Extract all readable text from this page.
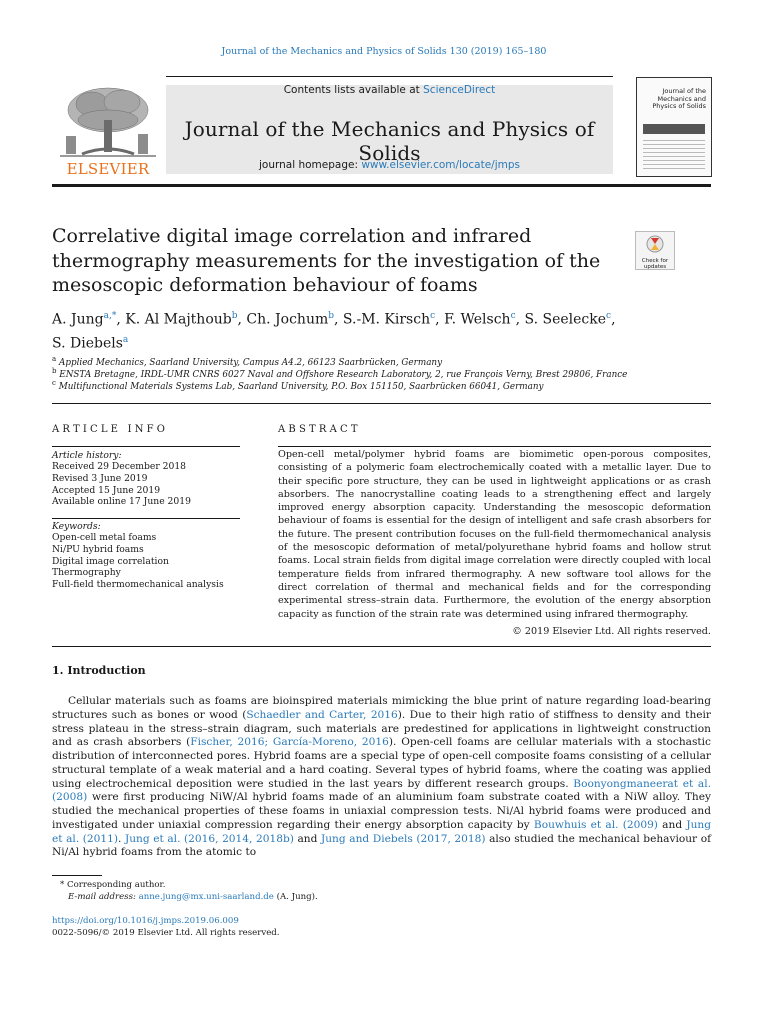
Journal of the Mechanics and Physics of Solids 130 (2019) 165–180
ELSEVIER
Contents lists available at ScienceDirect
Journal of the Mechanics and Physics of Solids
journal homepage: www.elsevier.com/locate/jmps
Journal of the Mechanics and Physics of Solids
Correlative digital image correlation and infrared
thermography measurements for the investigation of the
mesoscopic deformation behaviour of foams
Check for
updates
A. Jung$^{a,*}$, K. Al Majthoub$^b$, Ch. Jochum$^b$, S.-M. Kirsch$^c$, F. Welsch$^c$, S. Seelecke$^c$,
S. Diebels$^a$
$^a$ Applied Mechanics, Saarland University, Campus A4.2, 66123 Saarbrücken, Germany
$^b$ ENSTA Bretagne, IRDL-UMR CNRS 6027 Naval and Offshore Research Laboratory, 2, rue François Verny, Brest 29806, France
$^c$ Multifunctional Materials Systems Lab, Saarland University, P.O. Box 151150, Saarbrücken 66041, Germany
ARTICLE INFO
Article history:
Received 29 December 2018
Revised 3 June 2019
Accepted 15 June 2019
Available online 17 June 2019
Keywords:
Open-cell metal foams
Ni/PU hybrid foams
Digital image correlation
Thermography
Full-field thermomechanical analysis
ABSTRACT
Open-cell metal/polymer hybrid foams are biomimetic open-porous composites, consisting of a polymeric foam electrochemically coated with a metallic layer. Due to their specific pore structure, they can be used in lightweight applications or as crash absorbers. The nanocrystalline coating leads to a strengthening effect and largely improved energy absorption capacity. Understanding the mesoscopic deformation behaviour of foams is essential for the design of intelligent and safe crash absorbers for the future. The present contribution focuses on the full-field thermomechanical analysis of the mesoscopic deformation of metal/polyurethane hybrid foams and hollow strut foams. Local strain fields from digital image correlation were directly coupled with local temperature fields from infrared thermography. A new software tool allows for the direct correlation of thermal and mechanical fields and for the corresponding experimental stress–strain data. Furthermore, the evolution of the energy absorption capacity as function of the strain rate was determined using infrared thermography.
© 2019 Elsevier Ltd. All rights reserved.
1. Introduction
Cellular materials such as foams are bioinspired materials mimicking the blue print of nature regarding load-bearing structures such as bones or wood (Schaedler and Carter, 2016). Due to their high ratio of stiffness to density and their stress plateau in the stress–strain diagram, such materials are predestined for applications in lightweight construction and as crash absorbers (Fischer, 2016; García-Moreno, 2016). Open-cell foams are cellular materials with a stochastic distribution of interconnected pores. Hybrid foams are a special type of open-cell composite foams consisting of a cellular structural template of a weak material and a hard coating. Several types of hybrid foams, where the coating was applied using electrochemical deposition were studied in the last years by different research groups. Boonyongmaneerat et al. (2008) were first producing NiW/Al hybrid foams made of an aluminium foam substrate coated with a NiW alloy. They studied the mechanical properties of these foams in uniaxial compression tests. Ni/Al hybrid foams were produced and investigated under uniaxial compression regarding their energy absorption capacity by Bouwhuis et al. (2009) and Jung et al. (2011). Jung et al. (2016, 2014, 2018b) and Jung and Diebels (2017, 2018) also studied the mechanical behaviour of Ni/Al hybrid foams from the atomic to
* Corresponding author.
E-mail address: anne.jung@mx.uni-saarland.de (A. Jung).
https://doi.org/10.1016/j.jmps.2019.06.009
0022-5096/© 2019 Elsevier Ltd. All rights reserved.
